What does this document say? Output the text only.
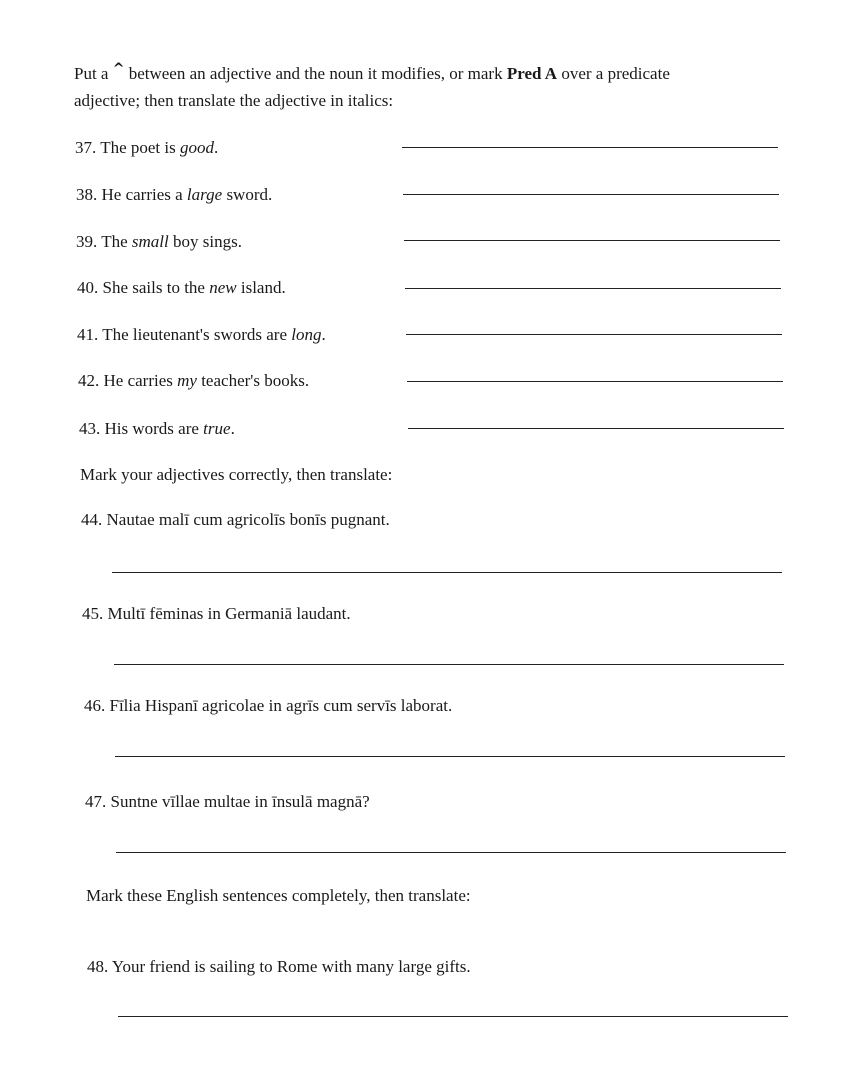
Put a ^ between an adjective and the noun it modifies, or mark Pred A over a predicate
adjective; then translate the adjective in italics:
37. The poet is good.
38. He carries a large sword.
39. The small boy sings.
40. She sails to the new island.
41. The lieutenant's swords are long.
42. He carries my teacher's books.
43. His words are true.
Mark your adjectives correctly, then translate:
44. Nautae malī cum agricolīs bonīs pugnant.
45. Multī fēminas in Germaniā laudant.
46. Fīlia Hispanī agricolae in agrīs cum servīs laborat.
47. Suntne vīllae multae in īnsulā magnā?
Mark these English sentences completely, then translate:
48. Your friend is sailing to Rome with many large gifts.
